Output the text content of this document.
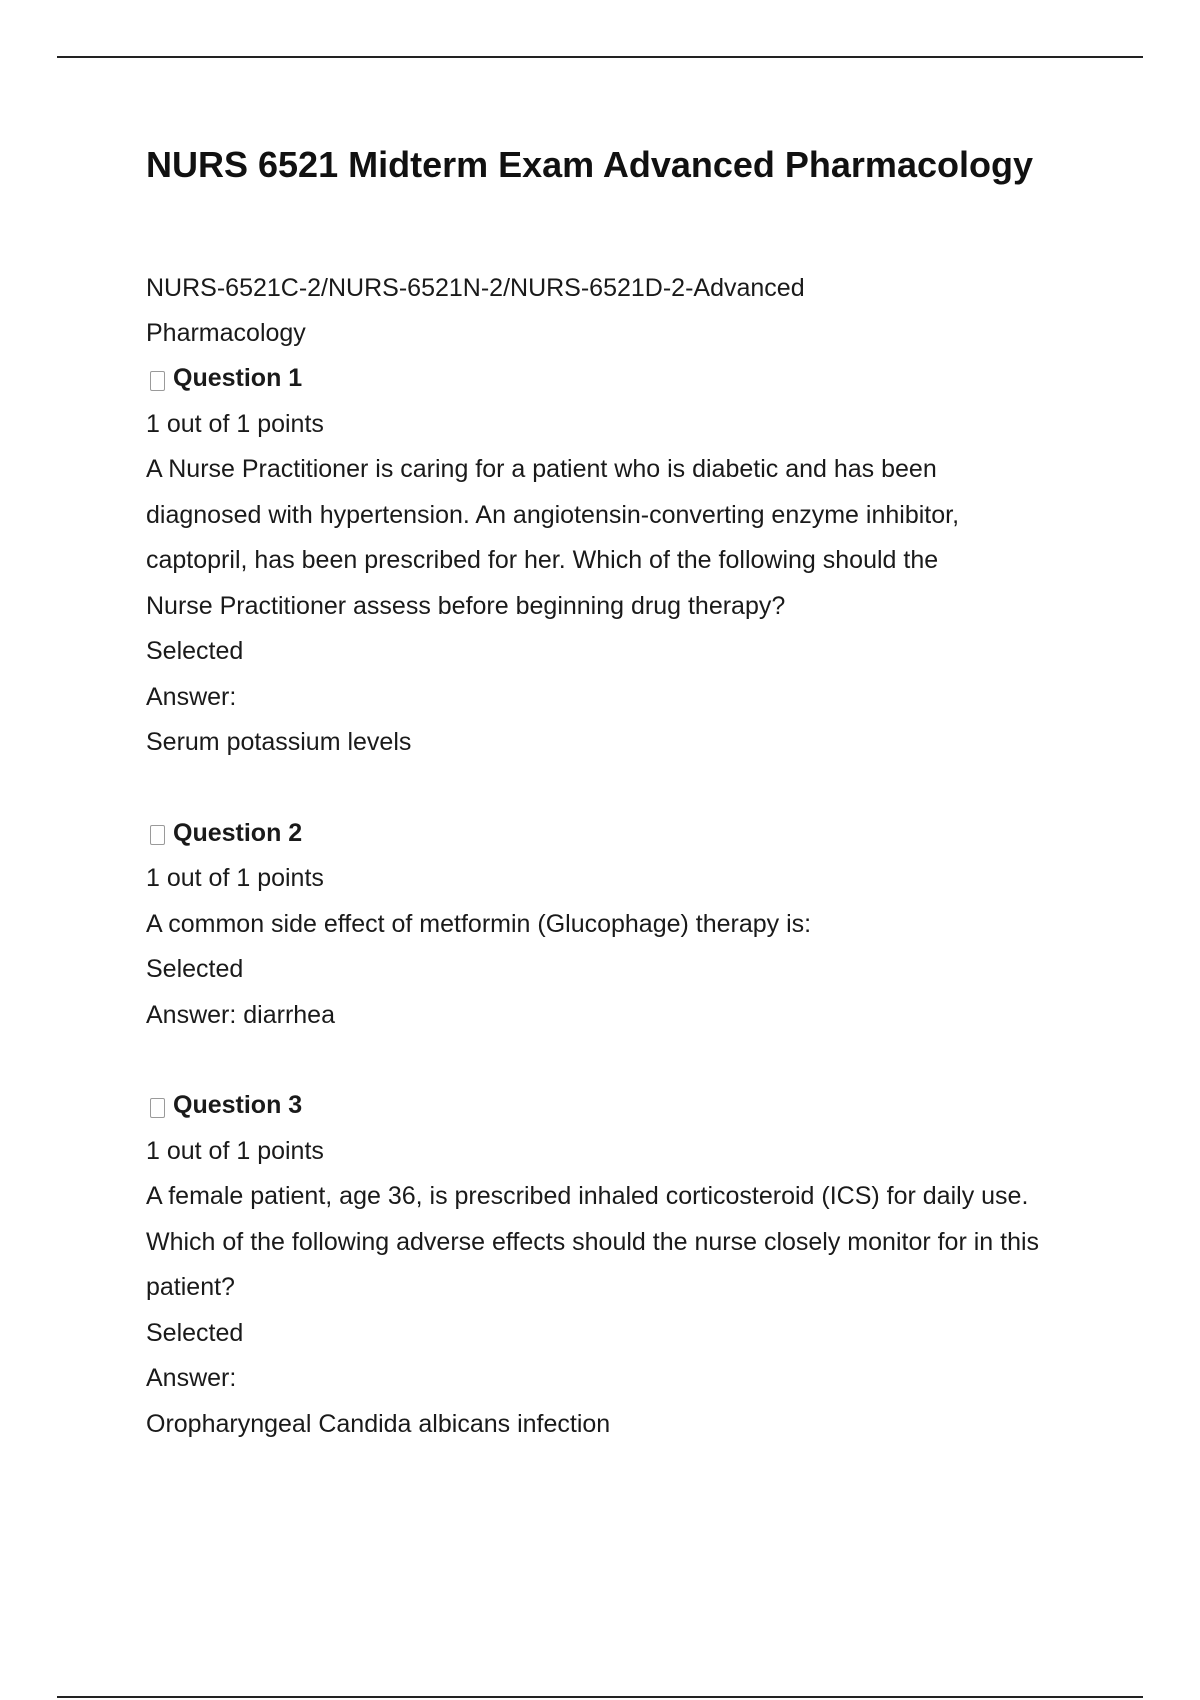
NURS 6521 Midterm Exam Advanced Pharmacology
NURS-6521C-2/NURS-6521N-2/NURS-6521D-2-Advanced Pharmacology
Question 1
1 out of 1 points
A Nurse Practitioner is caring for a patient who is diabetic and has been diagnosed with hypertension. An angiotensin-converting enzyme inhibitor, captopril, has been prescribed for her. Which of the following should the Nurse Practitioner assess before beginning drug therapy?
Selected
Answer:
Serum potassium levels
Question 2
1 out of 1 points
A common side effect of metformin (Glucophage) therapy is:
Selected
Answer: diarrhea
Question 3
1 out of 1 points
A female patient, age 36, is prescribed inhaled corticosteroid (ICS) for daily use. Which of the following adverse effects should the nurse closely monitor for in this patient?
Selected
Answer:
Oropharyngeal Candida albicans infection
